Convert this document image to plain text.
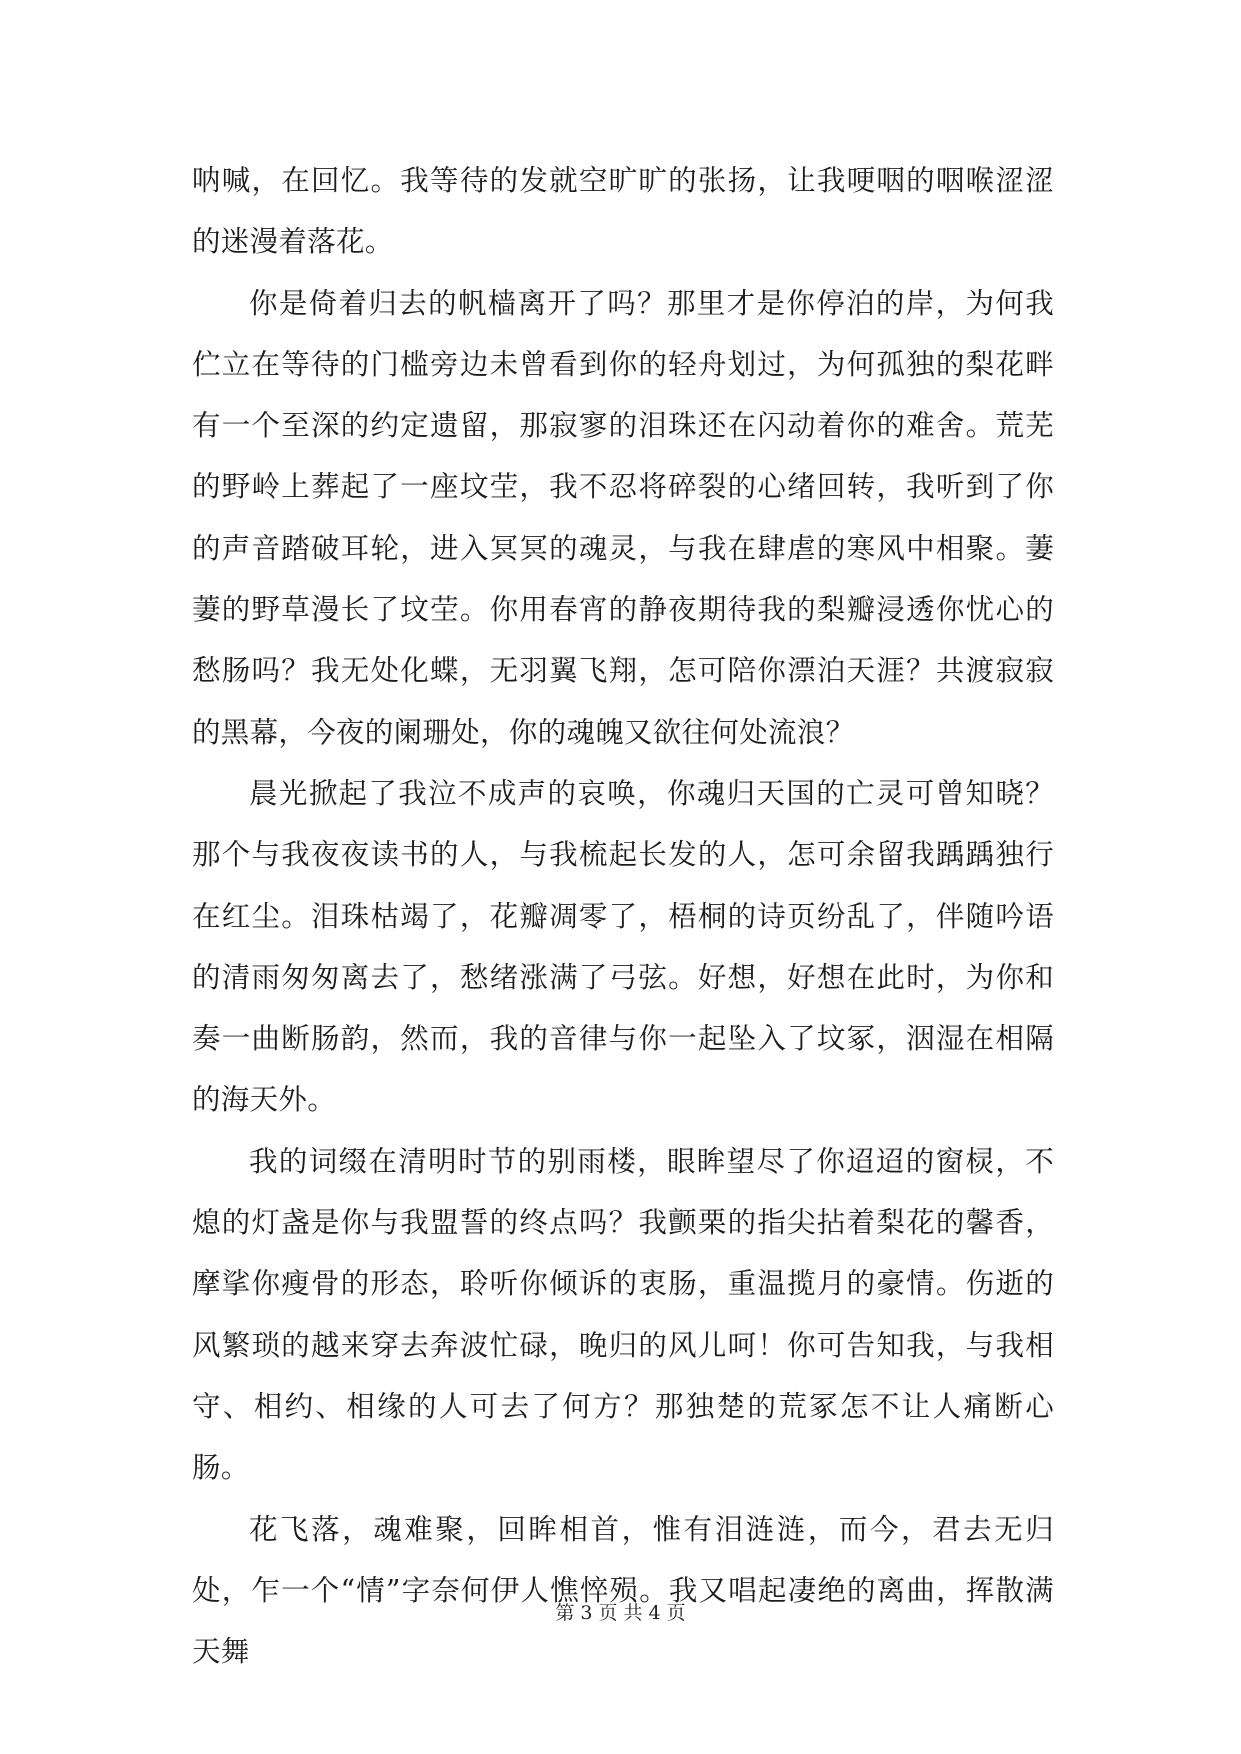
呐喊，在回忆。我等待的发就空旷旷的张扬，让我哽咽的咽喉涩涩的迷漫着落花。

你是倚着归去的帆樯离开了吗？那里才是你停泊的岸，为何我伫立在等待的门槛旁边未曾看到你的轻舟划过，为何孤独的梨花畔有一个至深的约定遗留，那寂寥的泪珠还在闪动着你的难舍。荒芜的野岭上葬起了一座坟茔，我不忍将碎裂的心绪回转，我听到了你的声音踏破耳轮，进入冥冥的魂灵，与我在肆虐的寒风中相聚。萋萋的野草漫长了坟茔。你用春宵的静夜期待我的梨瓣浸透你忧心的愁肠吗？我无处化蝶，无羽翼飞翔，怎可陪你漂泊天涯？共渡寂寂的黑幕，今夜的阑珊处，你的魂魄又欲往何处流浪？

晨光掀起了我泣不成声的哀唤，你魂归天国的亡灵可曾知晓？那个与我夜夜读书的人，与我梳起长发的人，怎可余留我踽踽独行在红尘。泪珠枯竭了，花瓣凋零了，梧桐的诗页纷乱了，伴随吟语的清雨匆匆离去了，愁绪涨满了弓弦。好想，好想在此时，为你和奏一曲断肠韵，然而，我的音律与你一起坠入了坟冢，洇湿在相隔的海天外。

我的词缀在清明时节的别雨楼，眼眸望尽了你迢迢的窗棂，不熄的灯盏是你与我盟誓的终点吗？我颤栗的指尖拈着梨花的馨香，摩挲你瘦骨的形态，聆听你倾诉的衷肠，重温揽月的豪情。伤逝的风繁琐的越来穿去奔波忙碌，晚归的风儿呵！你可告知我，与我相守、相约、相缘的人可去了何方？那独楚的荒冢怎不让人痛断心肠。

花飞落，魂难聚，回眸相首，惟有泪涟涟，而今，君去无归处，乍一个“情”字奈何伊人憔悴殒。我又唱起凄绝的离曲，挥散满天舞

第 3 页 共 4 页
